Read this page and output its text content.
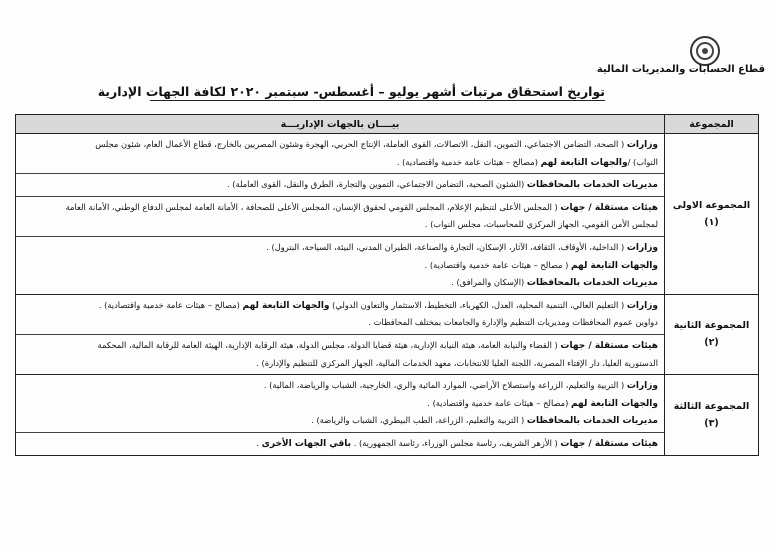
قطاع الحسابات والمديريات المالية
تواريخ استحقاق مرتبات أشهر يوليو – أغسطس- سبتمبر ٢٠٢٠ لكافة الجهات الإدارية
المجموعة
بيــــان بالجهات الإداريـــة
المجموعه الاولى
(١)
وزارات ( الصحة، التضامن الاجتماعي، التموين، النقل، الاتصالات، القوى العاملة، الإنتاج الحربي، الهجرة وشئون المصريين بالخارج، قطاع الأعمال العام، شئون مجلس
النواب) /والجهات التابعة لهم (مصالح – هيئات عامة خدمية واقتصادية) .
مديريات الخدمات بالمحافظات (الشئون الصحية، التضامن الاجتماعي، التموين والتجارة، الطرق والنقل، القوى العاملة) .
هيئات مستقلة / جهات ( المجلس الأعلى لتنظيم الإعلام، المجلس القومي لحقوق الإنسان، المجلس الأعلى للصحافة ، الأمانة العامة لمجلس الدفاع الوطني، الأمانة العامة
لمجلس الأمن القومي، الجهاز المركزي للمحاسبات، مجلس النواب) .
وزارات ( الداخلية، الأوقاف، الثقافة، الآثار، الإسكان، التجارة والصناعة، الطيران المدني، البيئة، السياحة، البترول) .
والجهات التابعة لهم ( مصالح – هيئات عامة خدمية واقتصادية) .
مديريات الخدمات بالمحافظات (الإسكان والمرافق) .
المجموعة الثانية
(٢)
وزارات ( التعليم العالي، التنمية المحلية، العدل، الكهرباء، التخطيط، الاستثمار والتعاون الدولي) والجهات التابعة لهم (مصالح – هيئات عامة خدمية واقتصادية) .
دواوين عموم المحافظات ومديريات التنظيم والإدارة والجامعات بمختلف المحافظات .
هيئات مستقلة / جهات ( القضاء والنيابة العامة، هيئة النيابة الإدارية، هيئة قضايا الدولة، مجلس الدولة، هيئة الرقابة الإدارية، الهيئة العامة للرقابة المالية، المحكمة
الدستورية العليا، دار الإفتاء المصرية، اللجنة العليا للانتخابات، معهد الخدمات المالية، الجهاز المركزي للتنظيم والإدارة) .
المجموعة الثالثة
(٣)
وزارات ( التربية والتعليم، الزراعة واستصلاح الأراضي، الموارد المائية والري، الخارجية، الشباب والرياضة، المالية) .
والجهات التابعة لهم (مصالح – هيئات عامة خدمية واقتصادية) .
مديريات الخدمات بالمحافظات ( التربية والتعليم، الزراعة، الطب البيطري، الشباب والرياضة) .
هيئات مستقلة / جهات ( الأزهر الشريف، رئاسة مجلس الوزراء، رئاسة الجمهورية) . باقي الجهات الأخرى .
